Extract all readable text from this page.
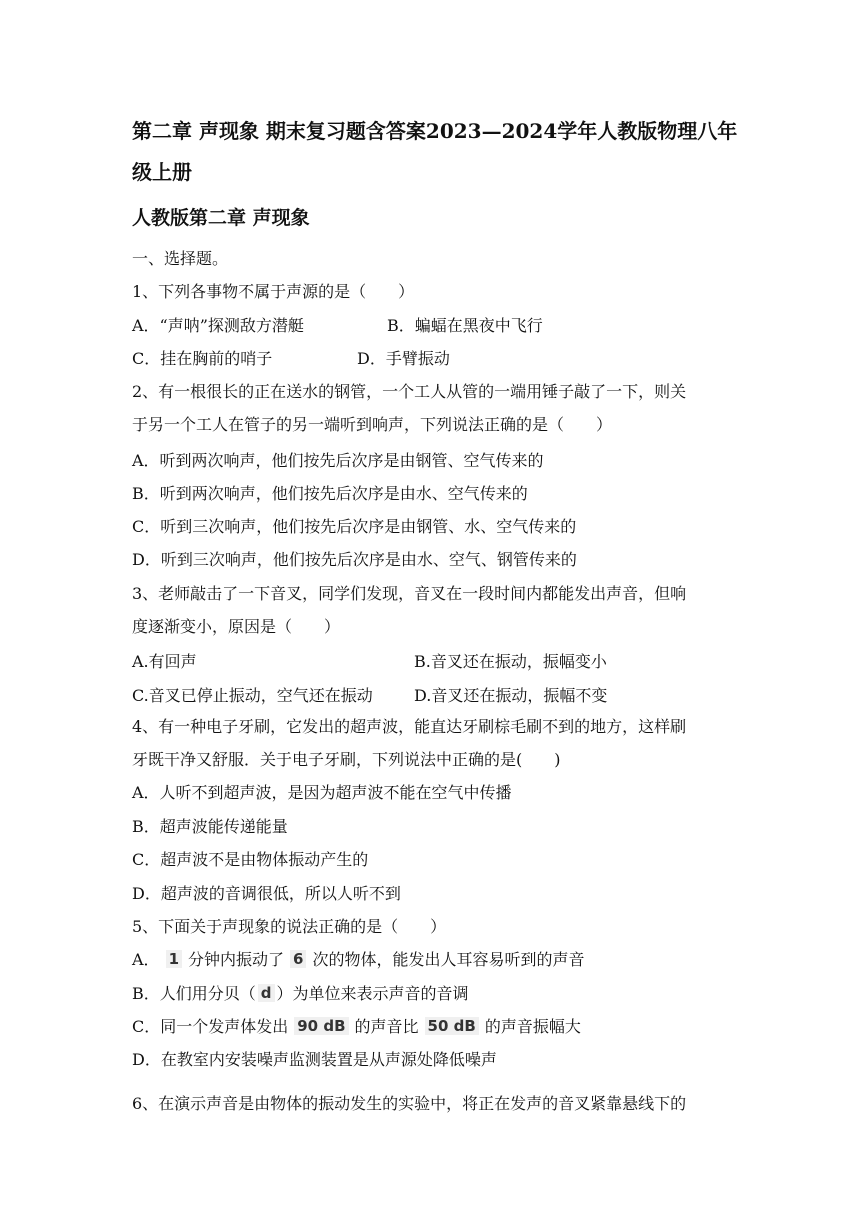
第二章 声现象 期末复习题含答案2023—2024学年人教版物理八年
级上册
人教版第二章 声现象
一、选择题。
1、下列各事物不属于声源的是（　　）
A．“声呐”探测敌方潜艇	B．蝙蝠在黑夜中飞行
C．挂在胸前的哨子	D．手臂振动
2、有一根很长的正在送水的钢管，一个工人从管的一端用锤子敲了一下，则关
于另一个工人在管子的另一端听到响声，下列说法正确的是（　　）
A．听到两次响声，他们按先后次序是由钢管、空气传来的
B．听到两次响声，他们按先后次序是由水、空气传来的
C．听到三次响声，他们按先后次序是由钢管、水、空气传来的
D．听到三次响声，他们按先后次序是由水、空气、钢管传来的
3、老师敲击了一下音叉，同学们发现，音叉在一段时间内都能发出声音，但响
度逐渐变小，原因是（　　）
A.有回声	B.音叉还在振动，振幅变小
C.音叉已停止振动，空气还在振动	D.音叉还在振动，振幅不变
4、有一种电子牙刷，它发出的超声波，能直达牙刷棕毛刷不到的地方，这样刷
牙既干净又舒服．关于电子牙刷，下列说法中正确的是(　　)
A．人听不到超声波，是因为超声波不能在空气中传播
B．超声波能传递能量
C．超声波不是由物体振动产生的
D．超声波的音调很低，所以人听不到
5、下面关于声现象的说法正确的是（　　）
A． 1 分钟内振动了 6 次的物体，能发出人耳容易听到的声音
B．人们用分贝（ d ）为单位来表示声音的音调
C．同一个发声体发出 90 dB 的声音比 50 dB 的声音振幅大
D．在教室内安装噪声监测装置是从声源处降低噪声
6、在演示声音是由物体的振动发生的实验中，将正在发声的音叉紧靠悬线下的
